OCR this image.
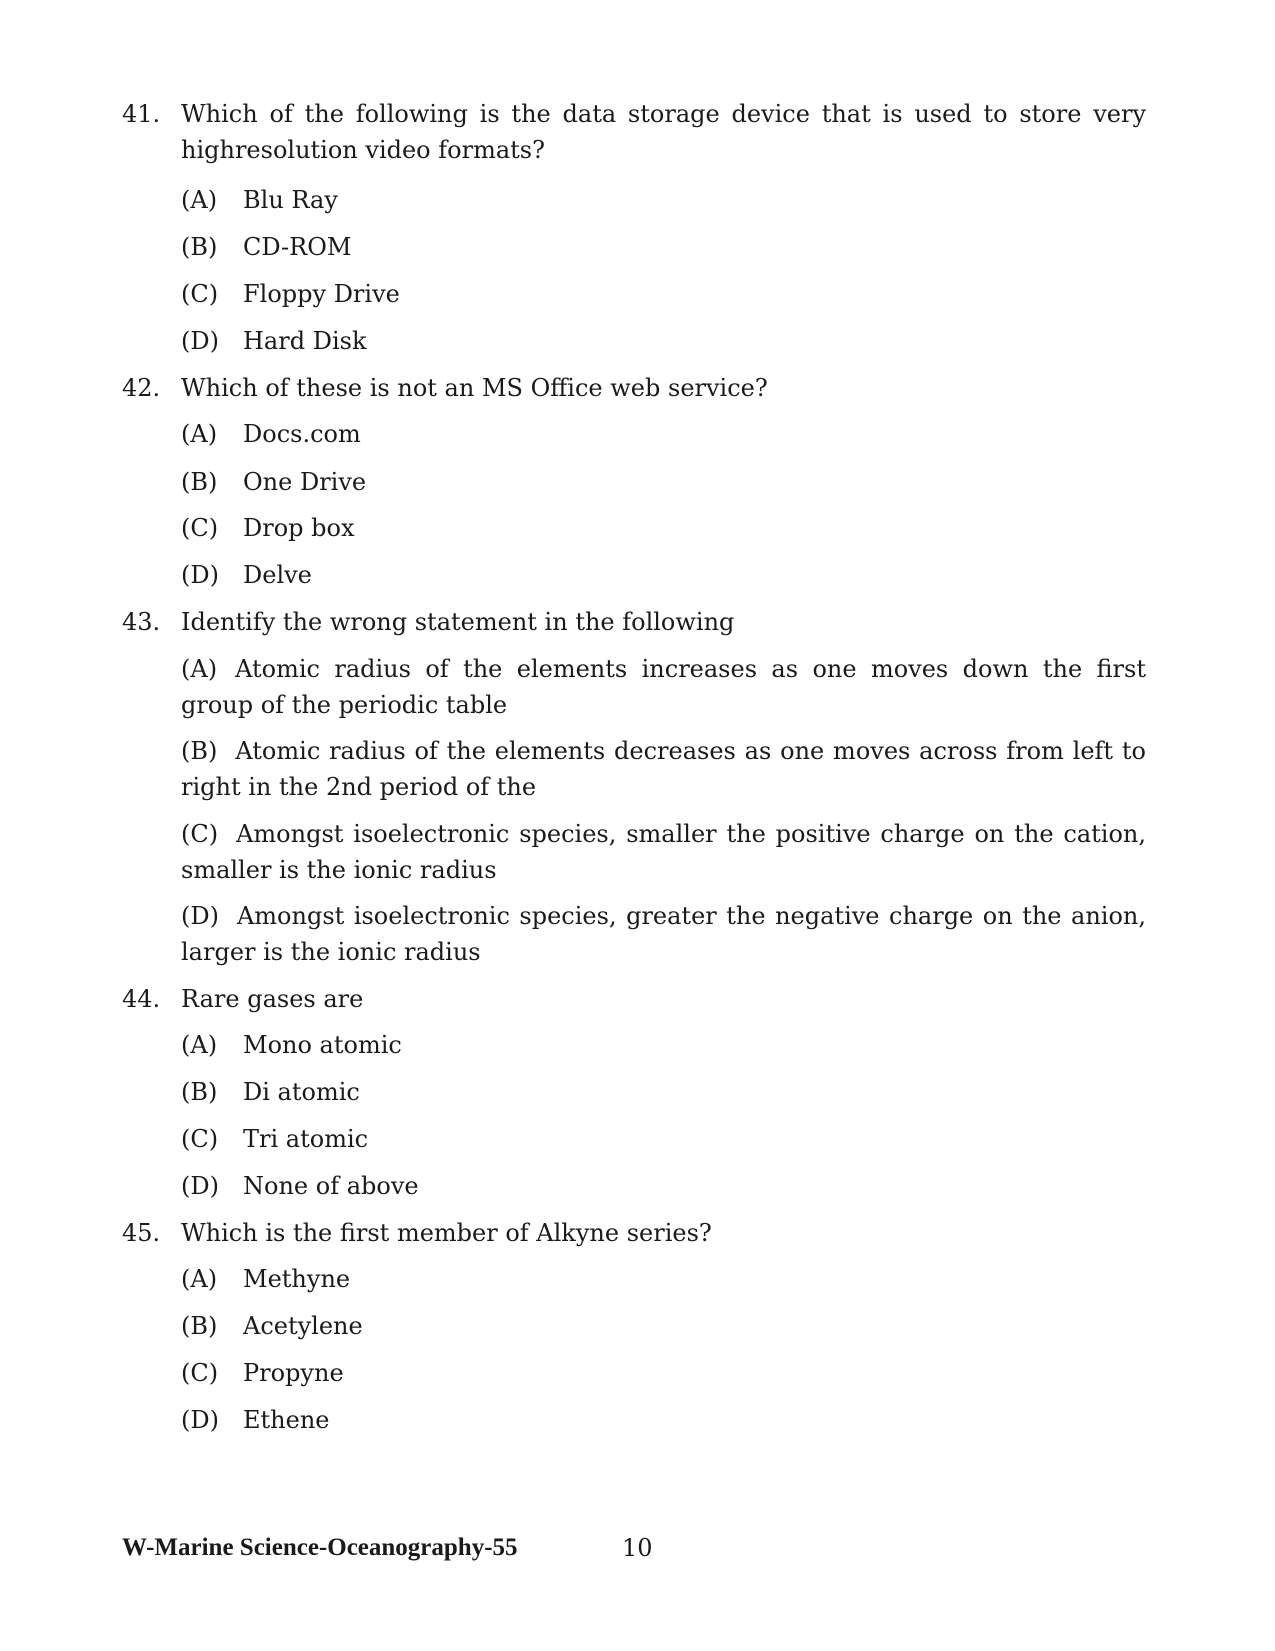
41. Which of the following is the data storage device that is used to store very highresolution video formats?
(A) Blu Ray
(B) CD-ROM
(C) Floppy Drive
(D) Hard Disk
42. Which of these is not an MS Office web service?
(A) Docs.com
(B) One Drive
(C) Drop box
(D) Delve
43. Identify the wrong statement in the following
(A) Atomic radius of the elements increases as one moves down the first group of the periodic table
(B) Atomic radius of the elements decreases as one moves across from left to right in the 2nd period of the
(C) Amongst isoelectronic species, smaller the positive charge on the cation, smaller is the ionic radius
(D) Amongst isoelectronic species, greater the negative charge on the anion, larger is the ionic radius
44. Rare gases are
(A) Mono atomic
(B) Di atomic
(C) Tri atomic
(D) None of above
45. Which is the first member of Alkyne series?
(A) Methyne
(B) Acetylene
(C) Propyne
(D) Ethene
W-Marine Science-Oceanography-55	10
